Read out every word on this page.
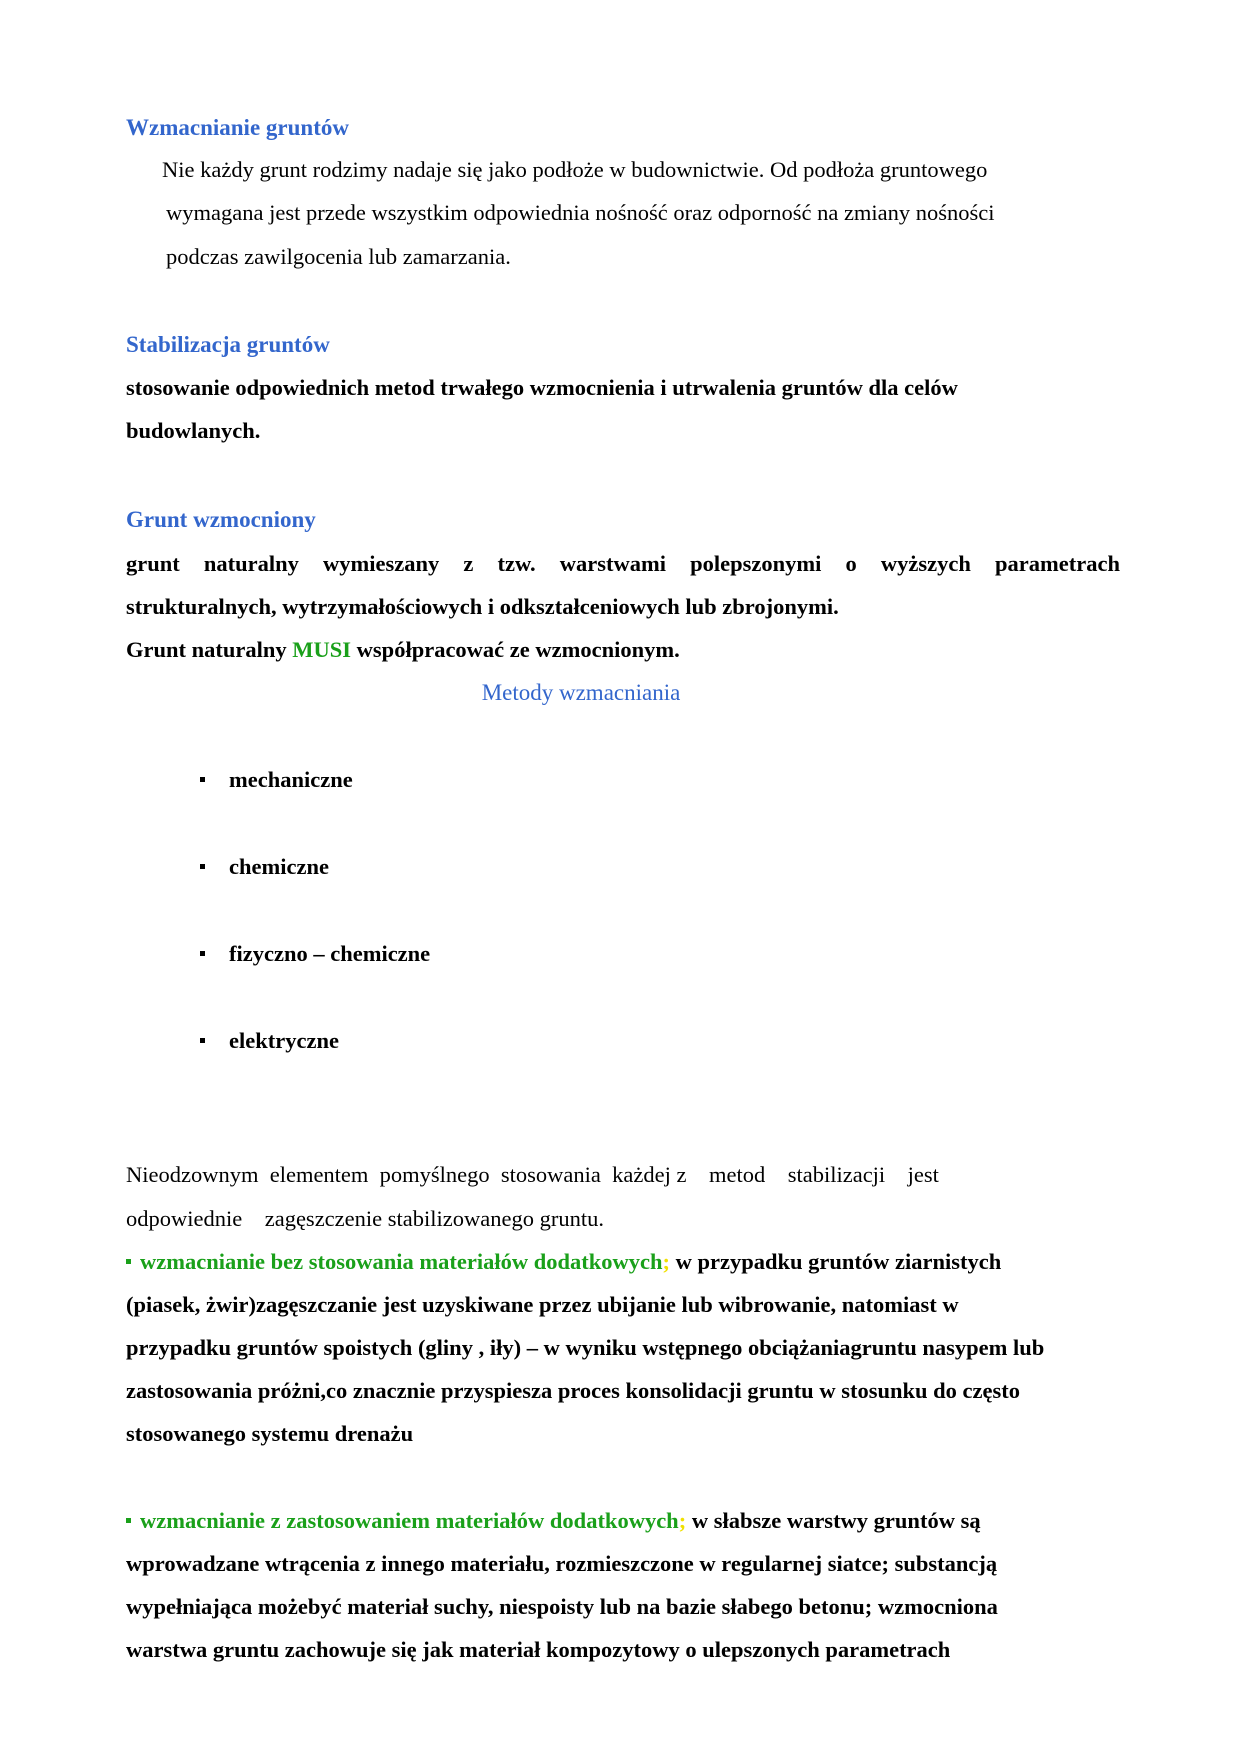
Wzmacnianie gruntów
Nie każdy grunt rodzimy nadaje się jako podłoże w budownictwie. Od podłoża gruntowego
wymagana jest przede wszystkim odpowiednia nośność oraz odporność na zmiany nośności
podczas zawilgocenia lub zamarzania.
Stabilizacja gruntów
stosowanie odpowiednich metod trwałego wzmocnienia i utrwalenia gruntów dla celów
budowlanych.
Grunt wzmocniony
grunt naturalny wymieszany z tzw. warstwami polepszonymi o wyższych parametrach
strukturalnych, wytrzymałościowych i odkształceniowych lub zbrojonymi.
Grunt naturalny MUSI współpracować ze wzmocnionym.
Metody wzmacniania
mechaniczne
chemiczne
fizyczno – chemiczne
elektryczne
Nieodzownym  elementem  pomyślnego  stosowania  każdej z    metod    stabilizacji    jest
odpowiednie    zagęszczenie stabilizowanego gruntu.
wzmacnianie bez stosowania materiałów dodatkowych; w przypadku gruntów ziarnistych
(piasek, żwir)zagęszczanie jest uzyskiwane przez ubijanie lub wibrowanie, natomiast w
przypadku gruntów spoistych (gliny , iły) – w wyniku wstępnego obciążaniagruntu nasypem lub
zastosowania próżni,co znacznie przyspiesza proces konsolidacji gruntu w stosunku do często
stosowanego systemu drenażu
wzmacnianie z zastosowaniem materiałów dodatkowych; w słabsze warstwy gruntów są
wprowadzane wtrącenia z innego materiału, rozmieszczone w regularnej siatce; substancją
wypełniająca możebyć materiał suchy, niespoisty lub na bazie słabego betonu; wzmocniona
warstwa gruntu zachowuje się jak materiał kompozytowy o ulepszonych parametrach
